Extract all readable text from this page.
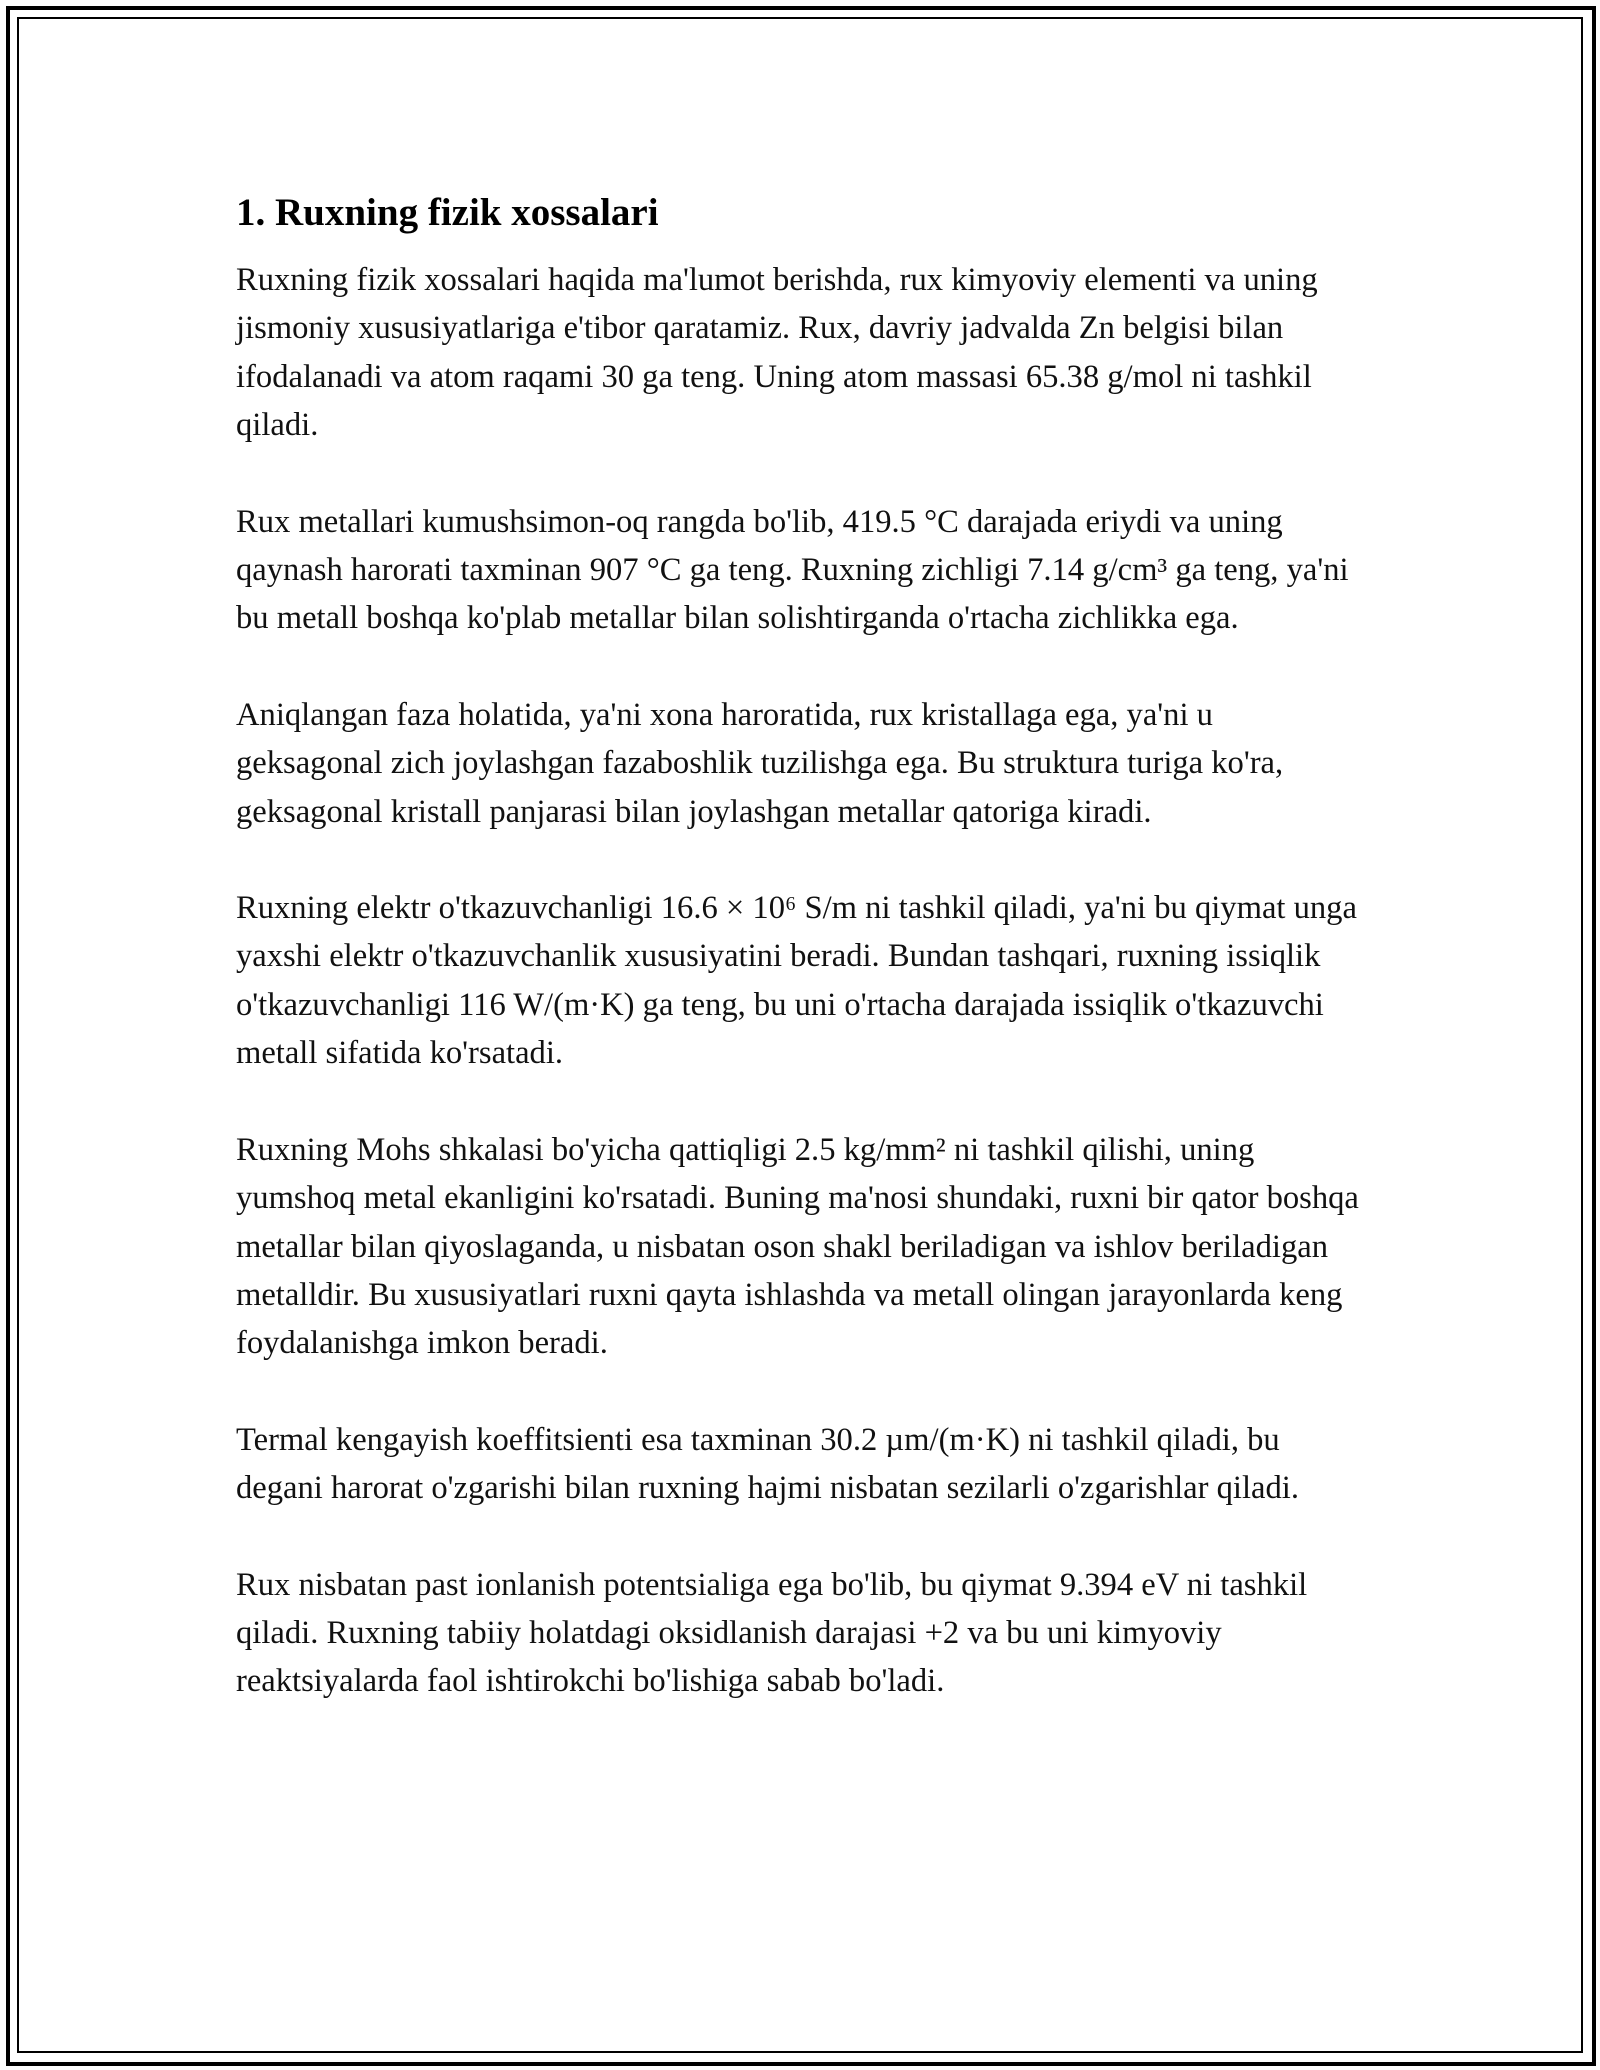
1. Ruxning fizik xossalari

Ruxning fizik xossalari haqida ma'lumot berishda, rux kimyoviy elementi va uning jismoniy xususiyatlariga e'tibor qaratamiz. Rux, davriy jadvalda Zn belgisi bilan ifodalanadi va atom raqami 30 ga teng. Uning atom massasi 65.38 g/mol ni tashkil qiladi.

Rux metallari kumushsimon-oq rangda bo'lib, 419.5 °C darajada eriydi va uning qaynash harorati taxminan 907 °C ga teng. Ruxning zichligi 7.14 g/cm³ ga teng, ya'ni bu metall boshqa ko'plab metallar bilan solishtirganda o'rtacha zichlikka ega.

Aniqlangan faza holatida, ya'ni xona haroratida, rux kristallaga ega, ya'ni u geksagonal zich joylashgan fazaboshlik tuzilishga ega. Bu struktura turiga ko'ra, geksagonal kristall panjarasi bilan joylashgan metallar qatoriga kiradi.

Ruxning elektr o'tkazuvchanligi 16.6 × 10⁶ S/m ni tashkil qiladi, ya'ni bu qiymat unga yaxshi elektr o'tkazuvchanlik xususiyatini beradi. Bundan tashqari, ruxning issiqlik o'tkazuvchanligi 116 W/(m·K) ga teng, bu uni o'rtacha darajada issiqlik o'tkazuvchi metall sifatida ko'rsatadi.

Ruxning Mohs shkalasi bo'yicha qattiqligi 2.5 kg/mm² ni tashkil qilishi, uning yumshoq metal ekanligini ko'rsatadi. Buning ma'nosi shundaki, ruxni bir qator boshqa metallar bilan qiyoslaganda, u nisbatan oson shakl beriladigan va ishlov beriladigan metalldir. Bu xususiyatlari ruxni qayta ishlashda va metall olingan jarayonlarda keng foydalanishga imkon beradi.

Termal kengayish koeffitsienti esa taxminan 30.2 µm/(m·K) ni tashkil qiladi, bu degani harorat o'zgarishi bilan ruxning hajmi nisbatan sezilarli o'zgarishlar qiladi.

Rux nisbatan past ionlanish potentsialiga ega bo'lib, bu qiymat 9.394 eV ni tashkil qiladi. Ruxning tabiiy holatdagi oksidlanish darajasi +2 va bu uni kimyoviy reaktsiyalarda faol ishtirokchi bo'lishiga sabab bo'ladi.
